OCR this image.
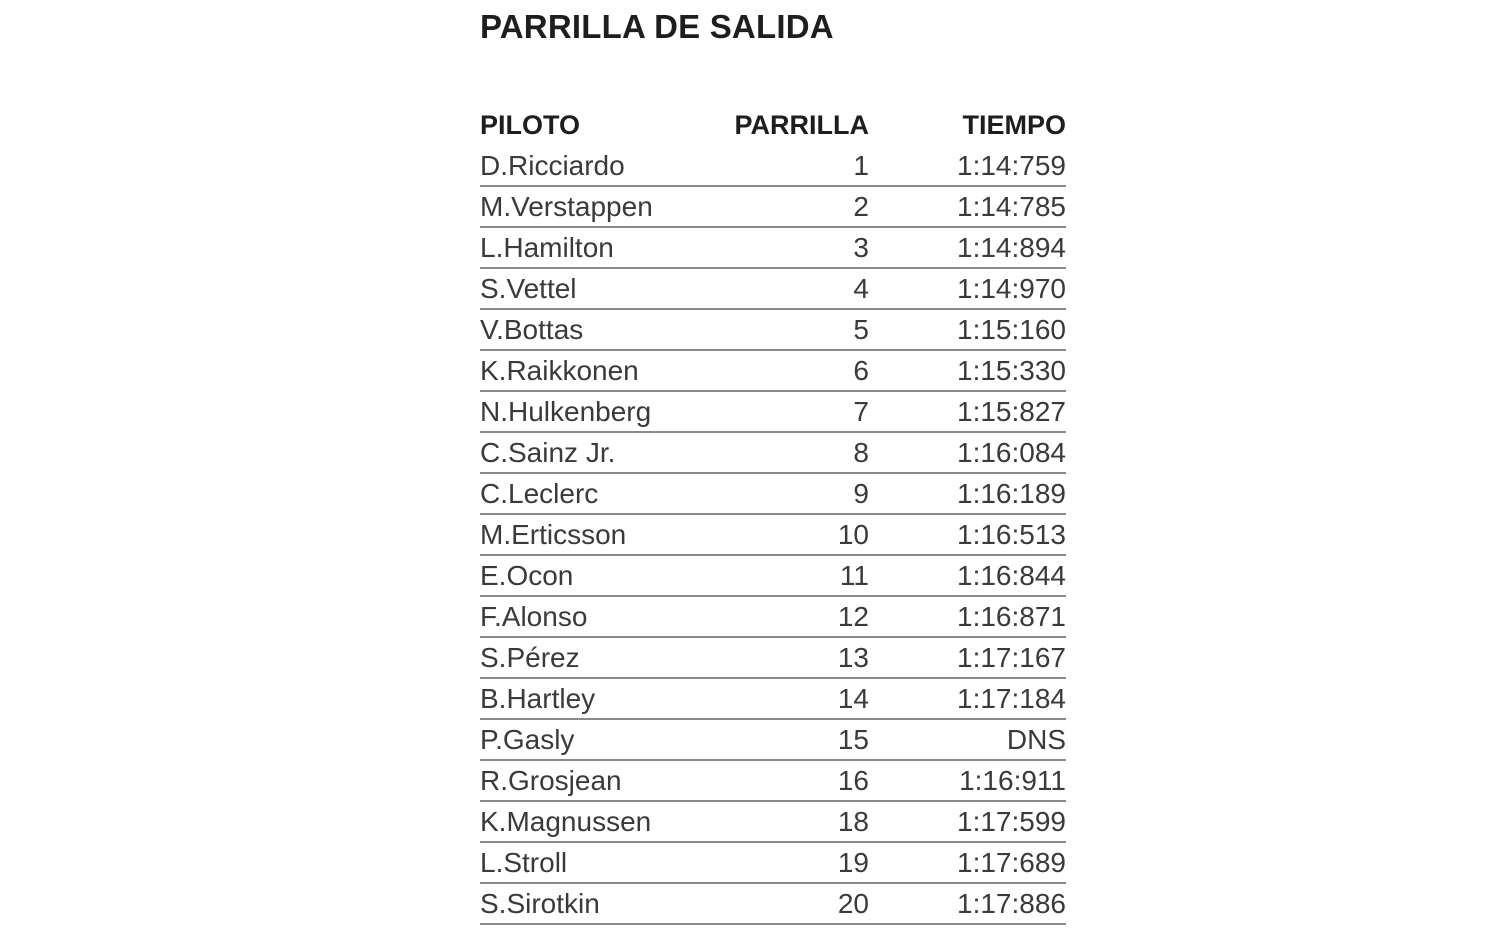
PARRILLA DE SALIDA
PILOTO	PARRILLA	TIEMPO
D.Ricciardo	1	1:14:759
M.Verstappen	2	1:14:785
L.Hamilton	3	1:14:894
S.Vettel	4	1:14:970
V.Bottas	5	1:15:160
K.Raikkonen	6	1:15:330
N.Hulkenberg	7	1:15:827
C.Sainz Jr.	8	1:16:084
C.Leclerc	9	1:16:189
M.Erticsson	10	1:16:513
E.Ocon	11	1:16:844
F.Alonso	12	1:16:871
S.Pérez	13	1:17:167
B.Hartley	14	1:17:184
P.Gasly	15	DNS
R.Grosjean	16	1:16:911
K.Magnussen	18	1:17:599
L.Stroll	19	1:17:689
S.Sirotkin	20	1:17:886
